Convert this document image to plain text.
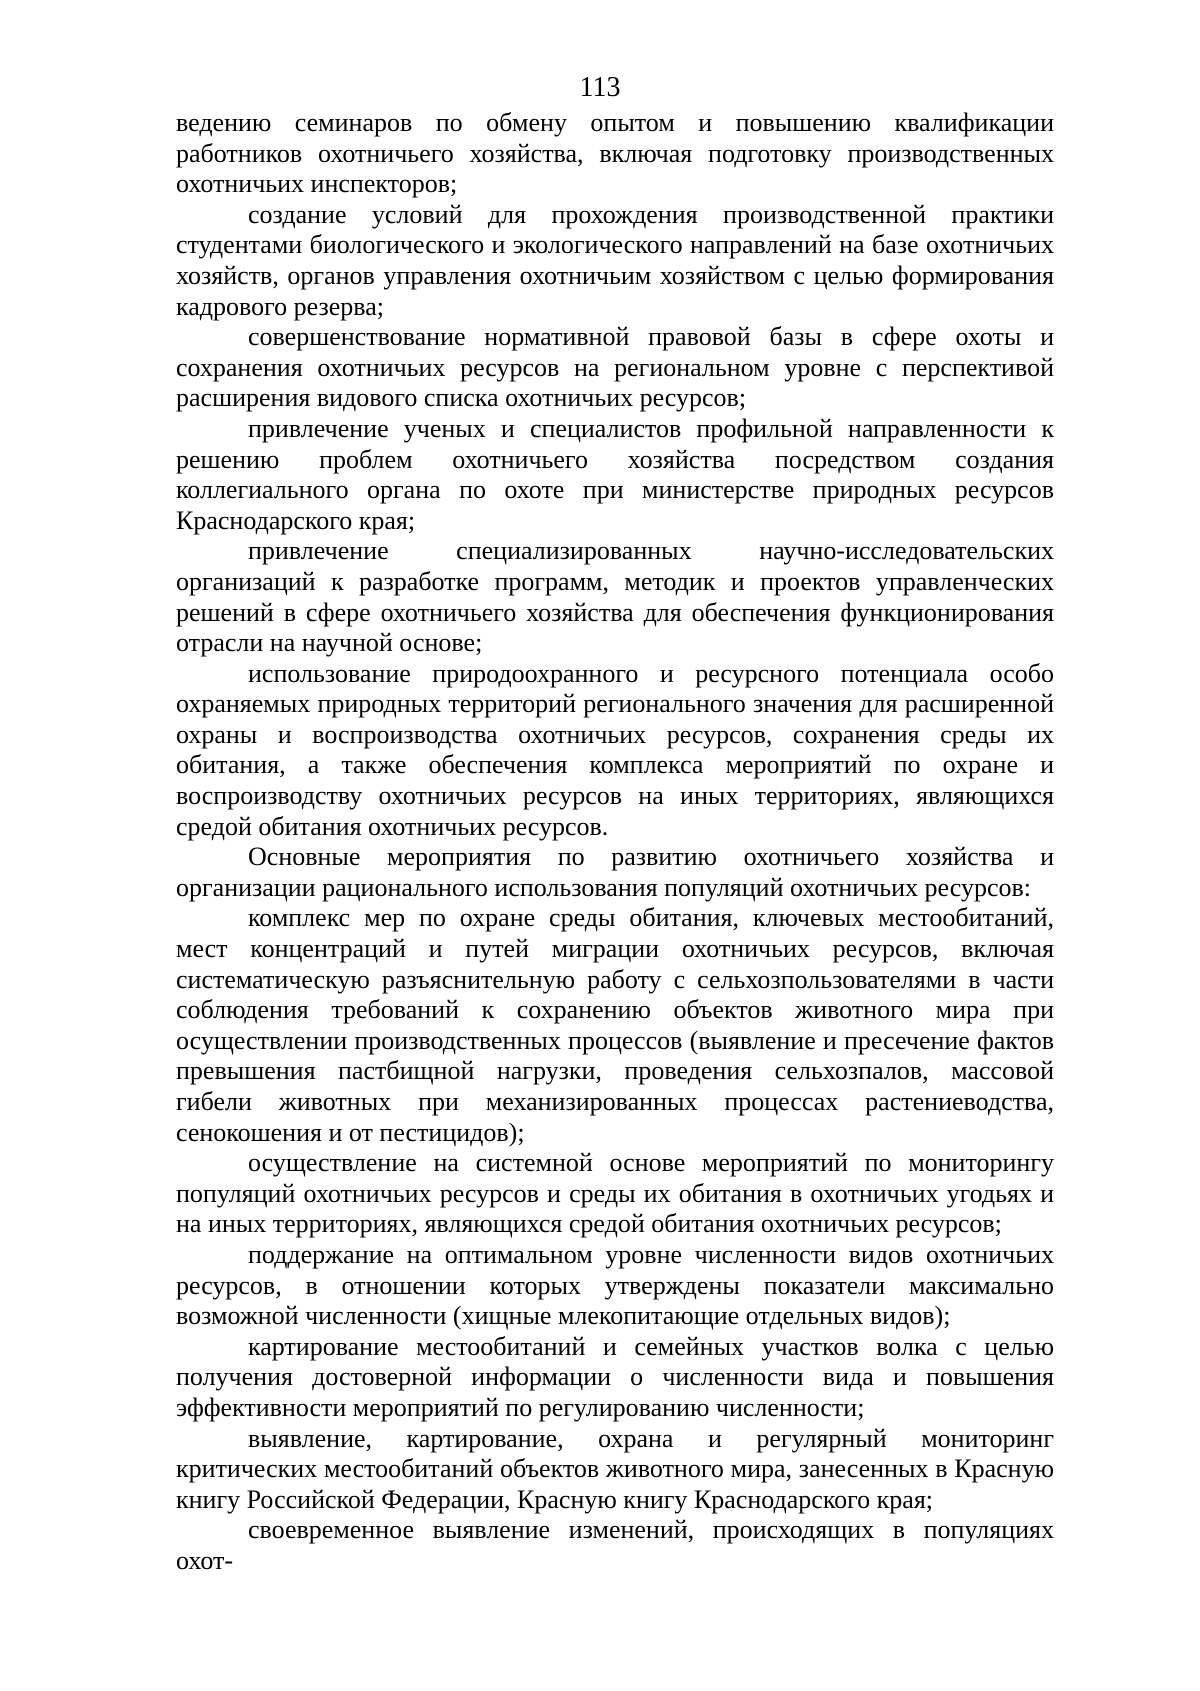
113

ведению семинаров по обмену опытом и повышению квалификации работников охотничьего хозяйства, включая подготовку производственных охотничьих инспекторов;

создание условий для прохождения производственной практики студентами биологического и экологического направлений на базе охотничьих хозяйств, органов управления охотничьим хозяйством с целью формирования кадрового резерва;

совершенствование нормативной правовой базы в сфере охоты и сохранения охотничьих ресурсов на региональном уровне с перспективой расширения видового списка охотничьих ресурсов;

привлечение ученых и специалистов профильной направленности к решению проблем охотничьего хозяйства посредством создания коллегиального органа по охоте при министерстве природных ресурсов Краснодарского края;

привлечение специализированных научно-исследовательских организаций к разработке программ, методик и проектов управленческих решений в сфере охотничьего хозяйства для обеспечения функционирования отрасли на научной основе;

использование природоохранного и ресурсного потенциала особо охраняемых природных территорий регионального значения для расширенной охраны и воспроизводства охотничьих ресурсов, сохранения среды их обитания, а также обеспечения комплекса мероприятий по охране и воспроизводству охотничьих ресурсов на иных территориях, являющихся средой обитания охотничьих ресурсов.

Основные мероприятия по развитию охотничьего хозяйства и организации рационального использования популяций охотничьих ресурсов:

комплекс мер по охране среды обитания, ключевых местообитаний, мест концентраций и путей миграции охотничьих ресурсов, включая систематическую разъяснительную работу с сельхозпользователями в части соблюдения требований к сохранению объектов животного мира при осуществлении производственных процессов (выявление и пресечение фактов превышения пастбищной нагрузки, проведения сельхозпалов, массовой гибели животных при механизированных процессах растениеводства, сенокошения и от пестицидов);

осуществление на системной основе мероприятий по мониторингу популяций охотничьих ресурсов и среды их обитания в охотничьих угодьях и на иных территориях, являющихся средой обитания охотничьих ресурсов;

поддержание на оптимальном уровне численности видов охотничьих ресурсов, в отношении которых утверждены показатели максимально возможной численности (хищные млекопитающие отдельных видов);

картирование местообитаний и семейных участков волка с целью получения достоверной информации о численности вида и повышения эффективности мероприятий по регулированию численности;

выявление, картирование, охрана и регулярный мониторинг критических местообитаний объектов животного мира, занесенных в Красную книгу Российской Федерации, Красную книгу Краснодарского края;

своевременное выявление изменений, происходящих в популяциях охот-
